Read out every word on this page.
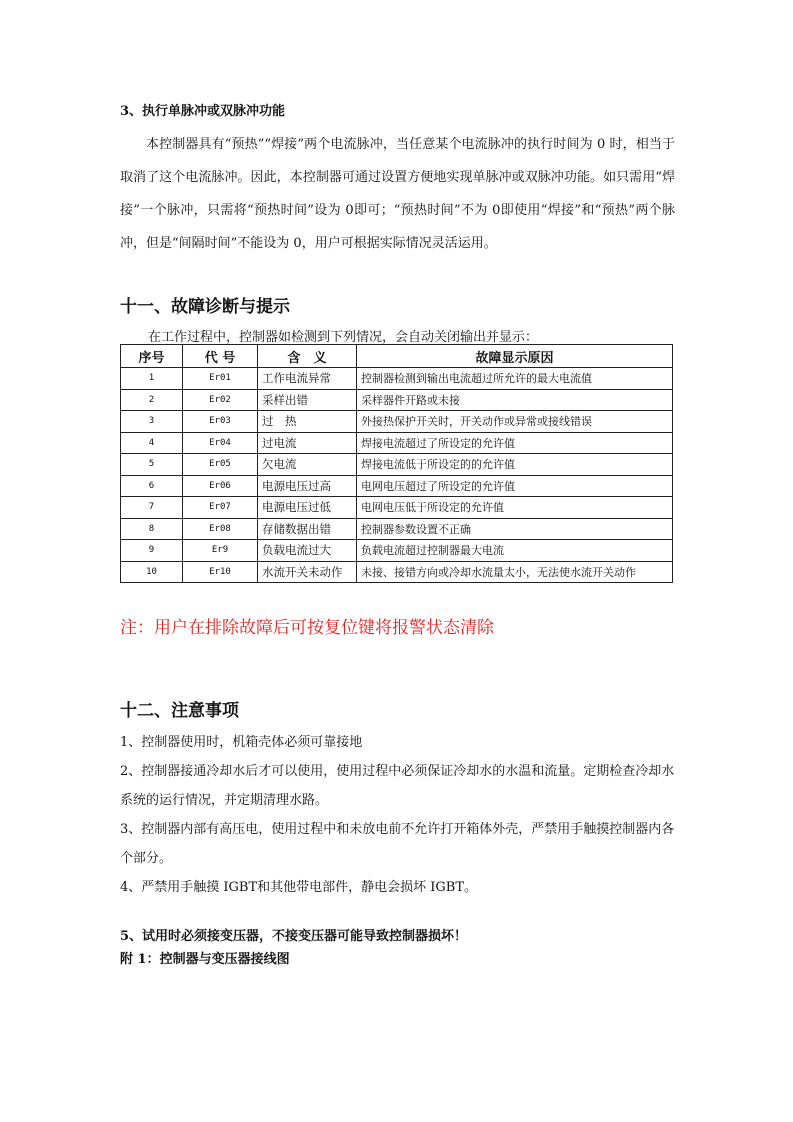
3、执行单脉冲或双脉冲功能

本控制器具有“预热”“焊接”两个电流脉冲，当任意某个电流脉冲的执行时间为 0 时，相当于取消了这个电流脉冲。因此，本控制器可通过设置方便地实现单脉冲或双脉冲功能。如只需用“焊接”一个脉冲，只需将“预热时间”设为 0即可；“预热时间”不为 0即使用“焊接”和“预热”两个脉冲，但是“间隔时间”不能设为 0，用户可根据实际情况灵活运用。

十一、故障诊断与提示
在工作过程中，控制器如检测到下列情况，会自动关闭输出并显示：
序号	代 号	含　义	故障显示原因
1	Er01	工作电流异常	控制器检测到输出电流超过所允许的最大电流值
2	Er02	采样出错	采样器件开路或未接
3	Er03	过　热	外接热保护开关时，开关动作或异常或接线错误
4	Er04	过电流	焊接电流超过了所设定的允许值
5	Er05	欠电流	焊接电流低于所设定的的允许值
6	Er06	电源电压过高	电网电压超过了所设定的允许值
7	Er07	电源电压过低	电网电压低于所设定的允许值
8	Er08	存储数据出错	控制器参数设置不正确
9	Er9	负载电流过大	负载电流超过控制器最大电流
10	Er10	水流开关未动作	未接、接错方向或冷却水流量太小，无法使水流开关动作
注：用户在排除故障后可按复位键将报警状态清除
十二、注意事项

1、控制器使用时，机箱壳体必须可靠接地

2、控制器接通冷却水后才可以使用，使用过程中必须保证冷却水的水温和流量。定期检查冷却水系统的运行情况，并定期清理水路。

3、控制器内部有高压电，使用过程中和未放电前不允许打开箱体外壳，严禁用手触摸控制器内各个部分。

4、严禁用手触摸 IGBT和其他带电部件，静电会损坏 IGBT。

5、试用时必须接变压器，不接变压器可能导致控制器损坏！
附 1：控制器与变压器接线图
